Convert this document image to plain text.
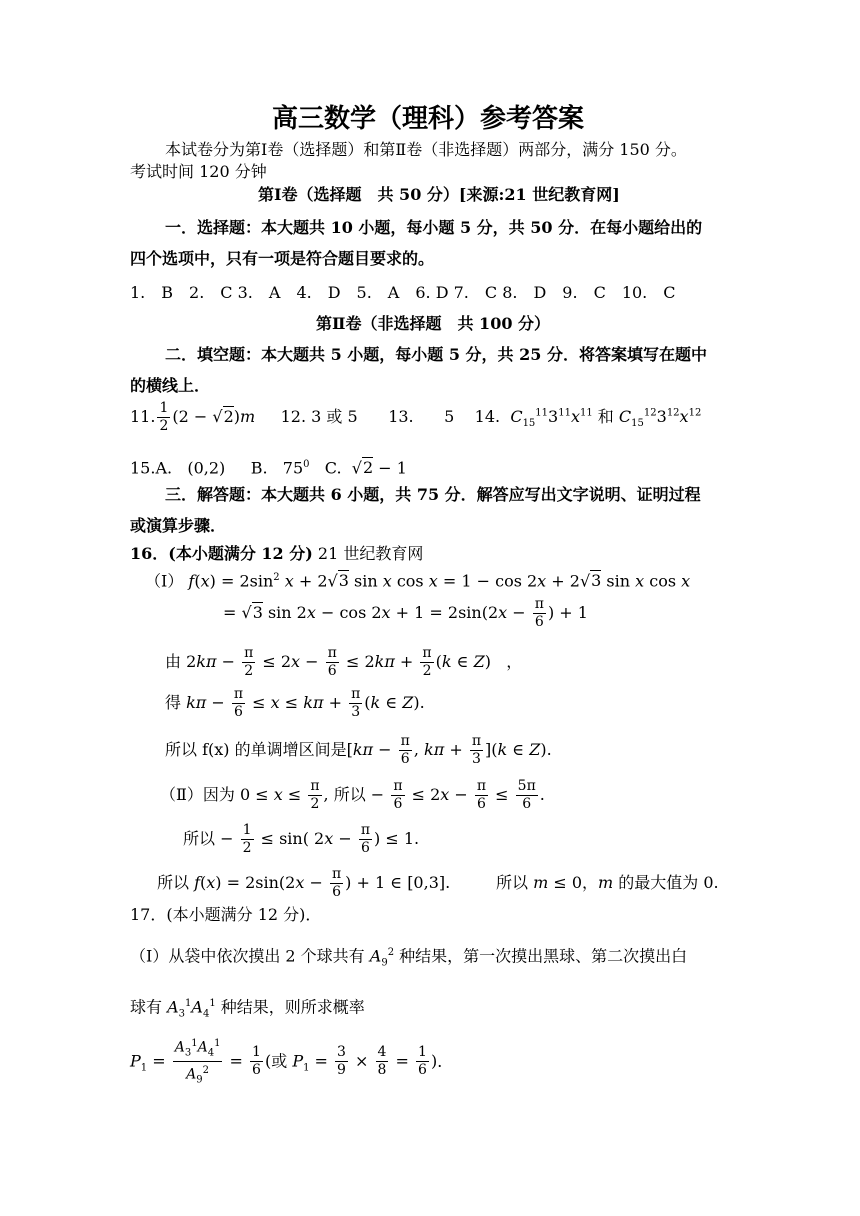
高三数学（理科）参考答案
本试卷分为第Ⅰ卷（选择题）和第Ⅱ卷（非选择题）两部分，满分 150 分。
考试时间 120 分钟
第Ⅰ卷（选择题　共 50 分）[来源:21 世纪教育网]
一．选择题：本大题共 10 小题，每小题 5 分，共 50 分．在每小题给出的
四个选项中，只有一项是符合题目要求的。
1.　B　2.　C 3.　A　4.　D　5.　A　6. D 7.　C 8.　D　9.　C　10.　C
第Ⅱ卷（非选择题　共 100 分）
二．填空题：本大题共 5 小题，每小题 5 分，共 25 分．将答案填写在题中
的横线上．
11. $\frac{1}{2} (2 - √2)m$     12. 3 或 5      13.      5    14.  $C_{15}^{11}3^{11}x^{11}$ 和 $C_{15}^{12}3^{12}x^{12}$
15.A.   (0,2)     B.   $75^0$   C.  √2 − 1
三．解答题：本大题共 6 小题，共 75 分．解答应写出文字说明、证明过程
或演算步骤．
16．(本小题满分 12 分) 21 世纪教育网
（Ⅰ） $f(x) = 2\sin^2$ x + 2√3 sin x cos x = 1 − cos 2x + 2√3 sin x cos x
= √3 $\sin 2x - \cos 2x + 1 = 2\sin(2x - \frac{\pi}{6}$ ) + 1
由 $2k\pi - \frac{\pi}{2} \le 2x - \frac{\pi}{6} \le 2k\pi + \frac{\pi}{2} (k$ ∈ Z)   ，
得 $k\pi - \frac{\pi}{6} \le x \le k\pi + \frac{\pi}{3} (k$ ∈ Z).
所以 f(x) 的单调增区间是[$k\pi - \frac{\pi}{6}$ , $k\pi + \frac{\pi}{3} ](k$ ∈ Z).
（Ⅱ）因为 $0 \le x \le \frac{\pi}{2}$ , 所以 − $\frac{\pi}{6} \le 2x - \frac{\pi}{6} \le \frac{5\pi}{6}$ .
所以 − $\frac{1}{2} \le \sin$( $2x - \frac{\pi}{6}$ ) ≤ 1.
所以 $f(x) = 2\sin(2x - \frac{\pi}{6}$ ) + 1 ∈ [0,3].         所以 m ≤ 0，m 的最大值为 0.
17．(本小题满分 12 分)．
（Ⅰ）从袋中依次摸出 2 个球共有 $A_9^2$ 种结果，第一次摸出黑球、第二次摸出白
球有 $A_3^1A_4^1$ 种结果，则所求概率
$P_1 = \frac{A_3^1A_4^1}{A_9^2} = \frac{1}{6}$ (或 $P_1 = \frac{3}{9} \times \frac{4}{8} = \frac{1}{6}$ )．
